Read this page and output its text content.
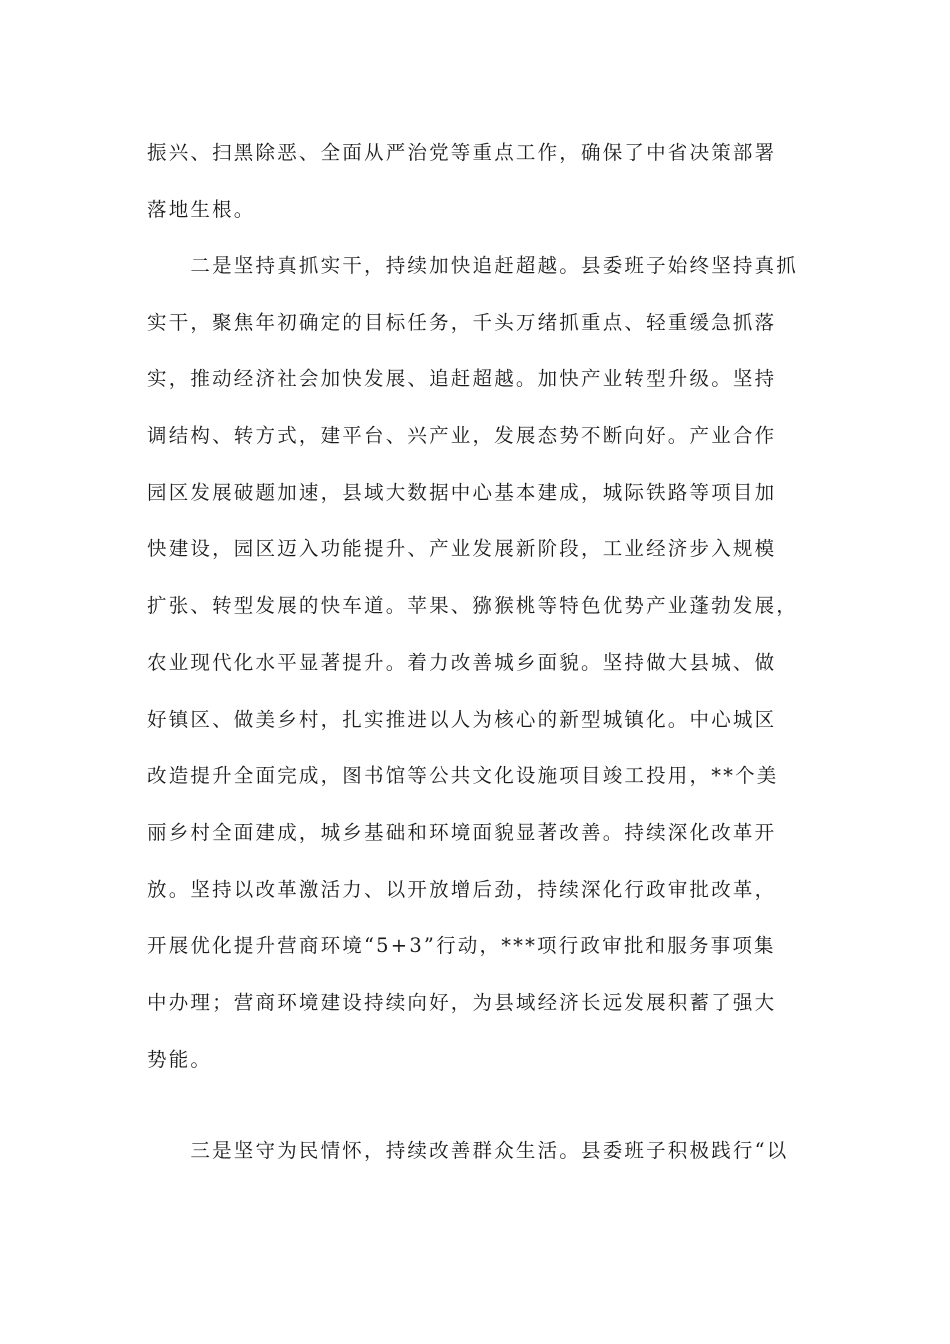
振兴、扫黑除恶、全面从严治党等重点工作，确保了中省决策部署
落地生根。
　　二是坚持真抓实干，持续加快追赶超越。县委班子始终坚持真抓
实干，聚焦年初确定的目标任务，千头万绪抓重点、轻重缓急抓落
实，推动经济社会加快发展、追赶超越。加快产业转型升级。坚持
调结构、转方式，建平台、兴产业，发展态势不断向好。产业合作
园区发展破题加速，县域大数据中心基本建成，城际铁路等项目加
快建设，园区迈入功能提升、产业发展新阶段，工业经济步入规模
扩张、转型发展的快车道。苹果、猕猴桃等特色优势产业蓬勃发展，
农业现代化水平显著提升。着力改善城乡面貌。坚持做大县城、做
好镇区、做美乡村，扎实推进以人为核心的新型城镇化。中心城区
改造提升全面完成，图书馆等公共文化设施项目竣工投用，**个美
丽乡村全面建成，城乡基础和环境面貌显著改善。持续深化改革开
放。坚持以改革激活力、以开放增后劲，持续深化行政审批改革，
开展优化提升营商环境“5+3”行动，***项行政审批和服务事项集
中办理；营商环境建设持续向好，为县域经济长远发展积蓄了强大
势能。
　　三是坚守为民情怀，持续改善群众生活。县委班子积极践行“以
